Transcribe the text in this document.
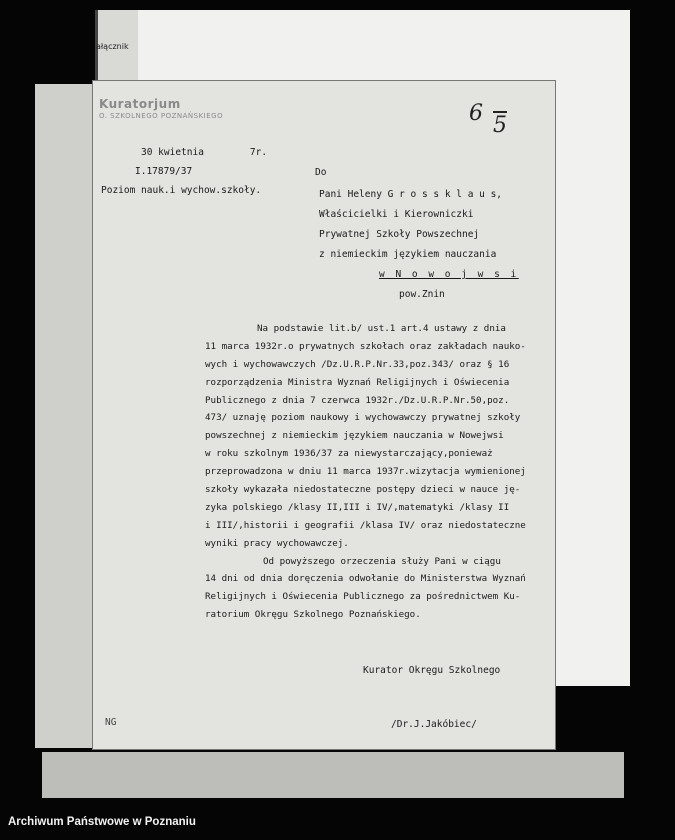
ałącznik
Kuratorjum
O. SZKOLNEGO POZNAŃSKIEGO	6 5
30 kwietnia	7r.
I.17879/37
Poziom nauk.i wychow.szkoły.
Do
Pani Heleny G r o s s k l a u s,
Właścicielki i Kierowniczki
Prywatnej Szkoły Powszechnej
z niemieckim językiem nauczania
w N o w o j w s i
pow.Znin
Na podstawie lit.b/ ust.1 art.4 ustawy z dnia
11 marca 1932r.o prywatnych szkołach oraz zakładach nauko-
wych i wychowawczych /Dz.U.R.P.Nr.33,poz.343/ oraz § 16
rozporządzenia Ministra Wyznań Religijnych i Oświecenia
Publicznego z dnia 7 czerwca 1932r./Dz.U.R.P.Nr.50,poz.
473/ uznaję poziom naukowy i wychowawczy prywatnej szkoły
powszechnej z niemieckim językiem nauczania w Nowejwsi
w roku szkolnym 1936/37 za niewystarczający,ponieważ
przeprowadzona w dniu 11 marca 1937r.wizytacja wymienionej
szkoły wykazała niedostateczne postępy dzieci w nauce ję-
zyka polskiego /klasy II,III i IV/,matematyki /klasy II
i III/,historii i geografii /klasa IV/ oraz niedostateczne
wyniki pracy wychowawczej.
Od powyższego orzeczenia służy Pani w ciągu
14 dni od dnia doręczenia odwołanie do Ministerstwa Wyznań
Religijnych i Oświecenia Publicznego za pośrednictwem Ku-
ratorium Okręgu Szkolnego Poznańskiego.
Kurator Okręgu Szkolnego
NG	/Dr.J.Jakóbiec/
Archiwum Państwowe w Poznaniu
